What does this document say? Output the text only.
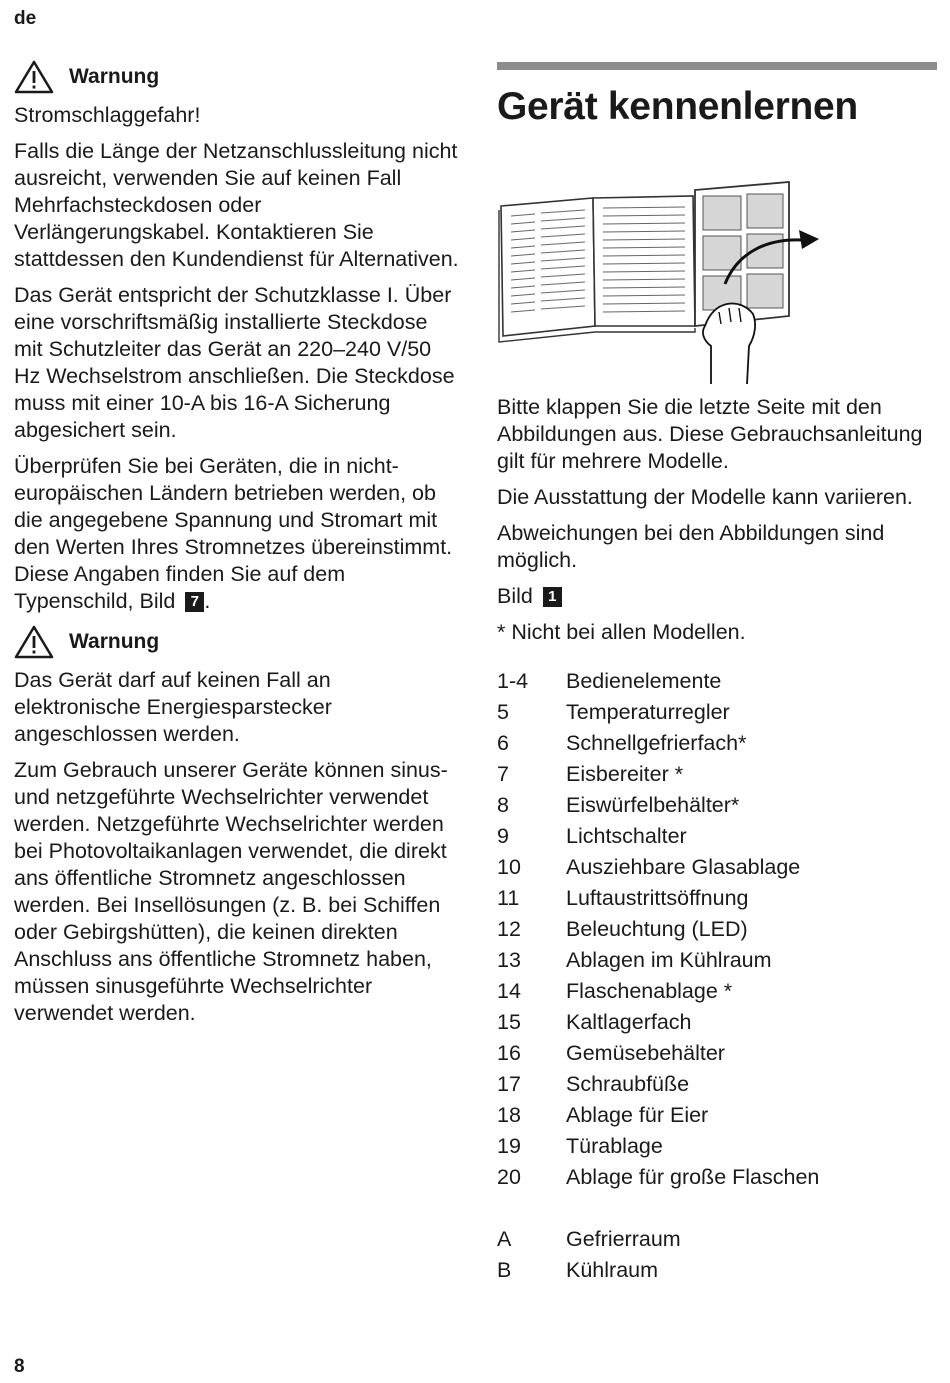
de
Warnung

Stromschlaggefahr!

Falls die Länge der Netzanschlussleitung nicht ausreicht, verwenden Sie auf keinen Fall Mehrfachsteckdosen oder Verlängerungskabel. Kontaktieren Sie stattdessen den Kundendienst für Alternativen.

Das Gerät entspricht der Schutzklasse I. Über eine vorschriftsmäßig installierte Steckdose mit Schutzleiter das Gerät an 220–240 V/50 Hz Wechselstrom anschließen. Die Steckdose muss mit einer 10-A bis 16-A Sicherung abgesichert sein.

Überprüfen Sie bei Geräten, die in nicht-europäischen Ländern betrieben werden, ob die angegebene Spannung und Stromart mit den Werten Ihres Stromnetzes übereinstimmt. Diese Angaben finden Sie auf dem Typenschild, Bild 7 .

Warnung

Das Gerät darf auf keinen Fall an elektronische Energiesparstecker angeschlossen werden.

Zum Gebrauch unserer Geräte können sinus- und netzgeführte Wechselrichter verwendet werden. Netzgeführte Wechselrichter werden bei Photovoltaikanlagen verwendet, die direkt ans öffentliche Stromnetz angeschlossen werden. Bei Insellösungen (z. B. bei Schiffen oder Gebirgshütten), die keinen direkten Anschluss ans öffentliche Stromnetz haben, müssen sinusgeführte Wechselrichter verwendet werden.

Gerät kennenlernen

Bitte klappen Sie die letzte Seite mit den Abbildungen aus. Diese Gebrauchsanleitung gilt für mehrere Modelle.

Die Ausstattung der Modelle kann variieren.

Abweichungen bei den Abbildungen sind möglich.

Bild 1

* Nicht bei allen Modellen.

1-4	Bedienelemente
5	Temperaturregler
6	Schnellgefrierfach*
7	Eisbereiter *
8	Eiswürfelbehälter*
9	Lichtschalter
10	Ausziehbare Glasablage
11	Luftaustrittsöffnung
12	Beleuchtung (LED)
13	Ablagen im Kühlraum
14	Flaschenablage *
15	Kaltlagerfach
16	Gemüsebehälter
17	Schraubfüße
18	Ablage für Eier
19	Türablage
20	Ablage für große Flaschen
A	Gefrierraum
B	Kühlraum
8
